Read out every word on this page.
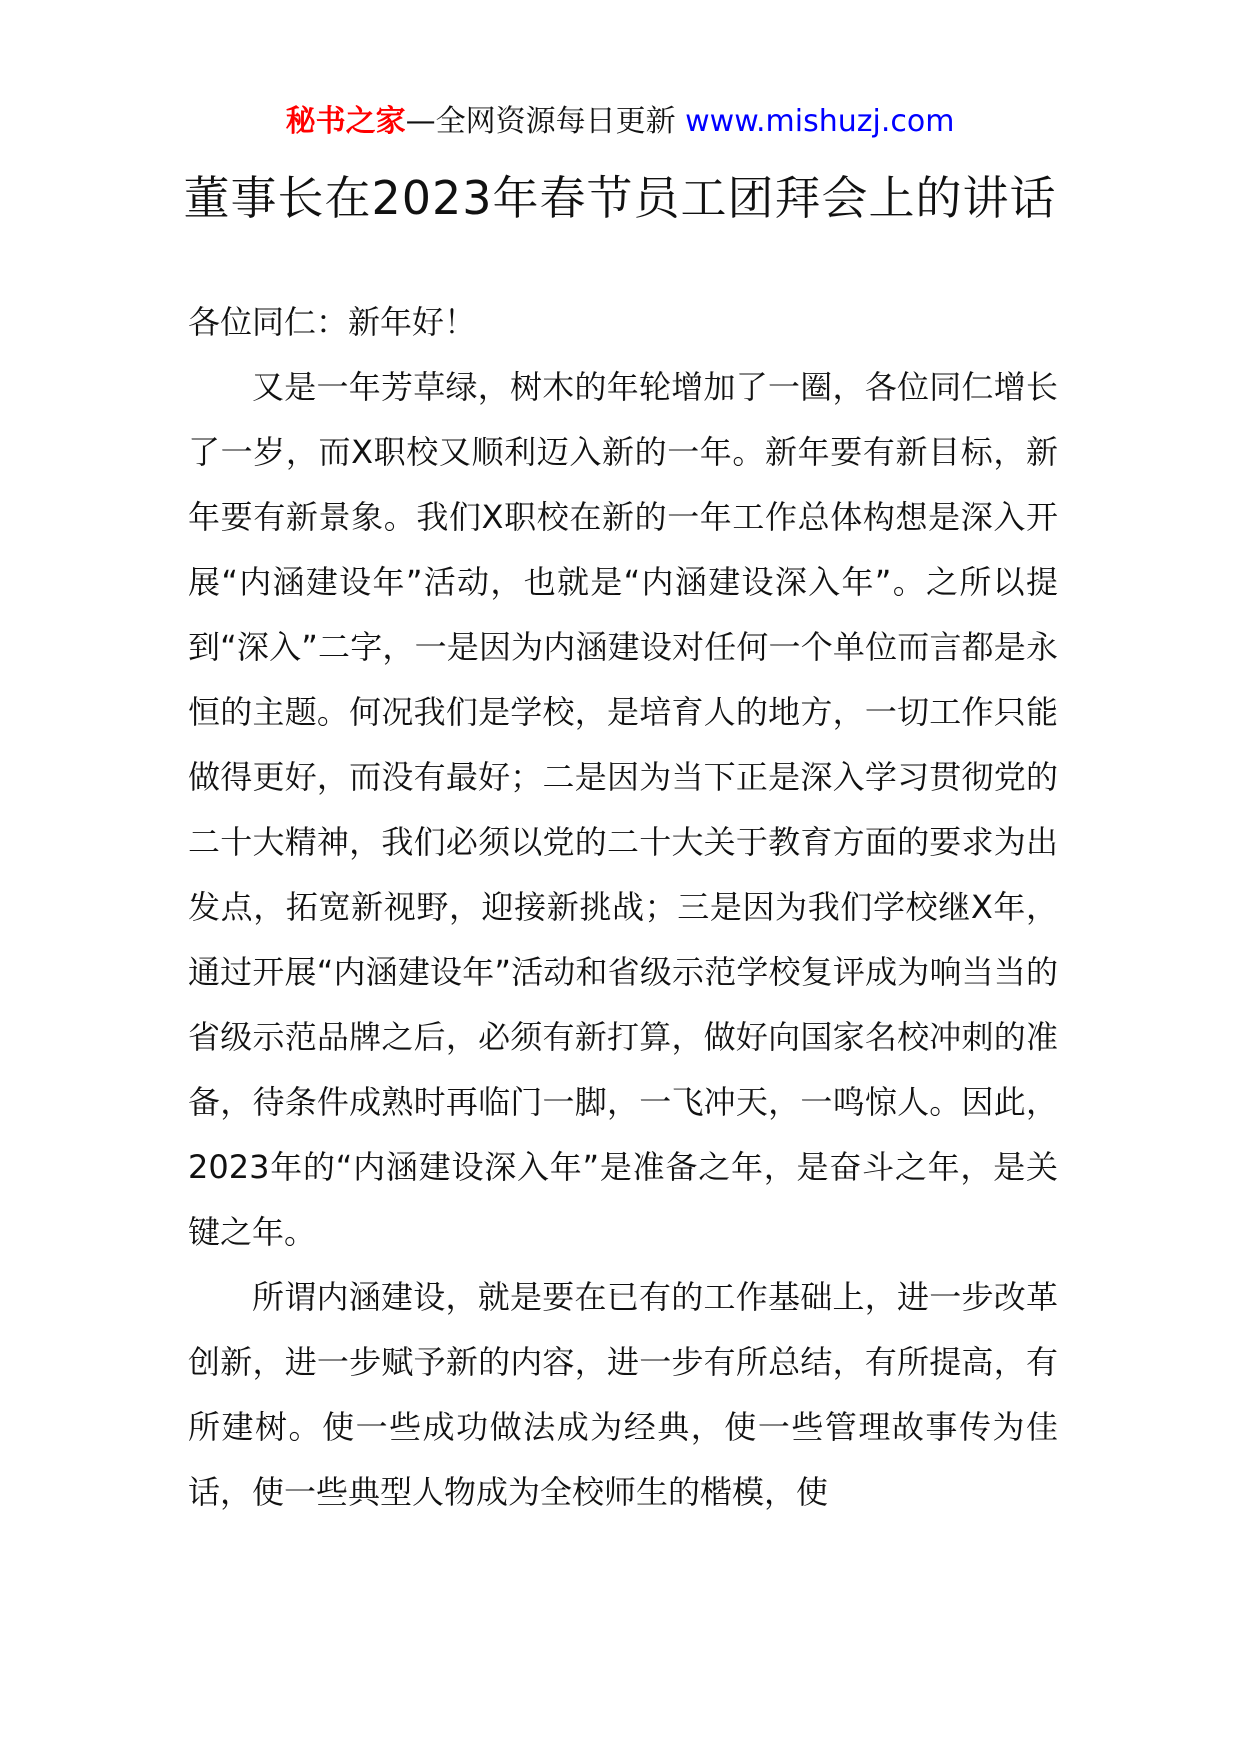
秘书之家—全网资源每日更新 www.mishuzj.com
董事长在2023年春节员工团拜会上的讲话

各位同仁：新年好！

又是一年芳草绿，树木的年轮增加了一圈，各位同仁增长了一岁，而X职校又顺利迈入新的一年。新年要有新目标，新年要有新景象。我们X职校在新的一年工作总体构想是深入开展“内涵建设年”活动，也就是“内涵建设深入年”。之所以提到“深入”二字，一是因为内涵建设对任何一个单位而言都是永恒的主题。何况我们是学校，是培育人的地方，一切工作只能做得更好，而没有最好；二是因为当下正是深入学习贯彻党的二十大精神，我们必须以党的二十大关于教育方面的要求为出发点，拓宽新视野，迎接新挑战；三是因为我们学校继X年，通过开展“内涵建设年”活动和省级示范学校复评成为响当当的省级示范品牌之后，必须有新打算，做好向国家名校冲刺的准备，待条件成熟时再临门一脚，一飞冲天，一鸣惊人。因此，2023年的“内涵建设深入年”是准备之年，是奋斗之年，是关键之年。

所谓内涵建设，就是要在已有的工作基础上，进一步改革创新，进一步赋予新的内容，进一步有所总结，有所提高，有所建树。使一些成功做法成为经典，使一些管理故事传为佳话，使一些典型人物成为全校师生的楷模，使
